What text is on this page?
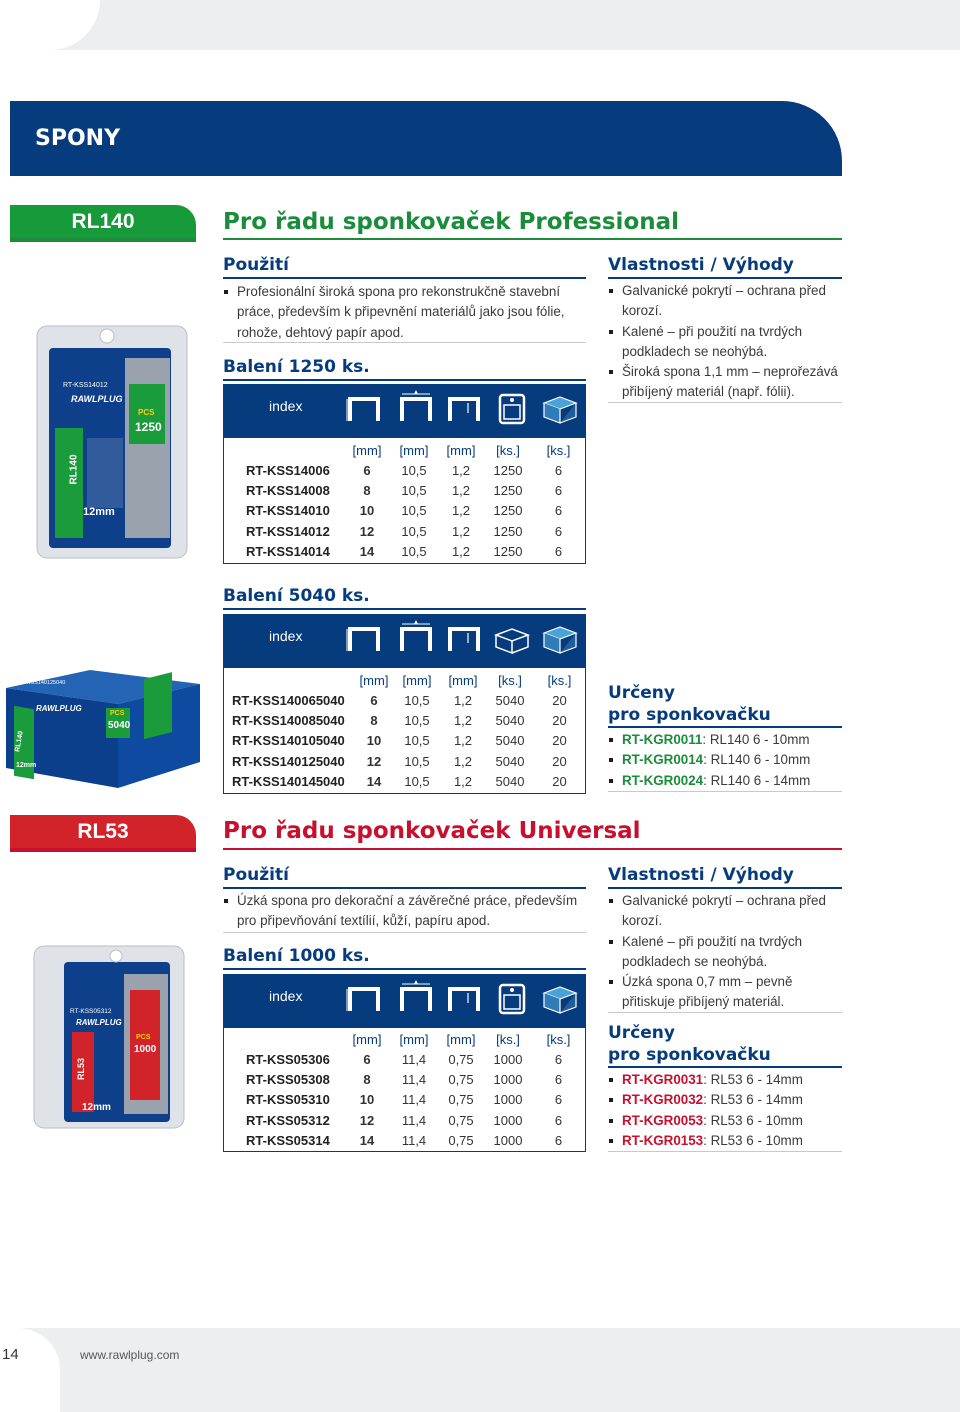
SPONY
RL140	Pro řadu sponkovaček Professional
Použití
Profesionální široká spona pro rekonstrukčně stavební práce, především k připevnění materiálů jako jsou fólie, rohože, dehtový papír apod.
Balení 1250 ks.
index
	[mm]	[mm]	[mm]	[ks.]	[ks.]
RT-KSS14006	6	10,5	1,2	1250	6
RT-KSS14008	8	10,5	1,2	1250	6
RT-KSS14010	10	10,5	1,2	1250	6
RT-KSS14012	12	10,5	1,2	1250	6
RT-KSS14014	14	10,5	1,2	1250	6
Vlastnosti / Výhody
Galvanické pokrytí – ochrana před korozí.
Kalené – při použití na tvrdých podkladech se neohýbá.
Široká spona 1,1 mm – neprořezává přibíjený materiál (např. fólii).
RT-KSS14012
RAWLPLUG
PCS
1250
RL140
12mm
Balení 5040 ks.
index
	[mm]	[mm]	[mm]	[ks.]	[ks.]
RT-KSS140065040	6	10,5	1,2	5040	20
RT-KSS140085040	8	10,5	1,2	5040	20
RT-KSS140105040	10	10,5	1,2	5040	20
RT-KSS140125040	12	10,5	1,2	5040	20
RT-KSS140145040	14	10,5	1,2	5040	20
RT-KSS140125040
RAWLPLUG
PCS
5040
RL140
12mm
Určeny
pro sponkovačku
RT-KGR0011: RL140 6 - 10mm
RT-KGR0014: RL140 6 - 10mm
RT-KGR0024: RL140 6 - 14mm
RL53	Pro řadu sponkovaček Universal
Použití
Úzká spona pro dekorační a závěrečné práce, především pro připevňování textílií, kůží, papíru apod.
Balení 1000 ks.
index
	[mm]	[mm]	[mm]	[ks.]	[ks.]
RT-KSS05306	6	11,4	0,75	1000	6
RT-KSS05308	8	11,4	0,75	1000	6
RT-KSS05310	10	11,4	0,75	1000	6
RT-KSS05312	12	11,4	0,75	1000	6
RT-KSS05314	14	11,4	0,75	1000	6
Vlastnosti / Výhody
Galvanické pokrytí – ochrana před korozí.
Kalené – při použití na tvrdých podkladech se neohýbá.
Úzká spona 0,7 mm – pevně přitiskuje přibíjený materiál.
Určeny
pro sponkovačku
RT-KGR0031: RL53 6 - 14mm
RT-KGR0032: RL53 6 - 14mm
RT-KGR0053: RL53 6 - 10mm
RT-KGR0153: RL53 6 - 10mm
RT-KSS05312
RAWLPLUG
PCS
1000
RL53
12mm
14	www.rawlplug.com
